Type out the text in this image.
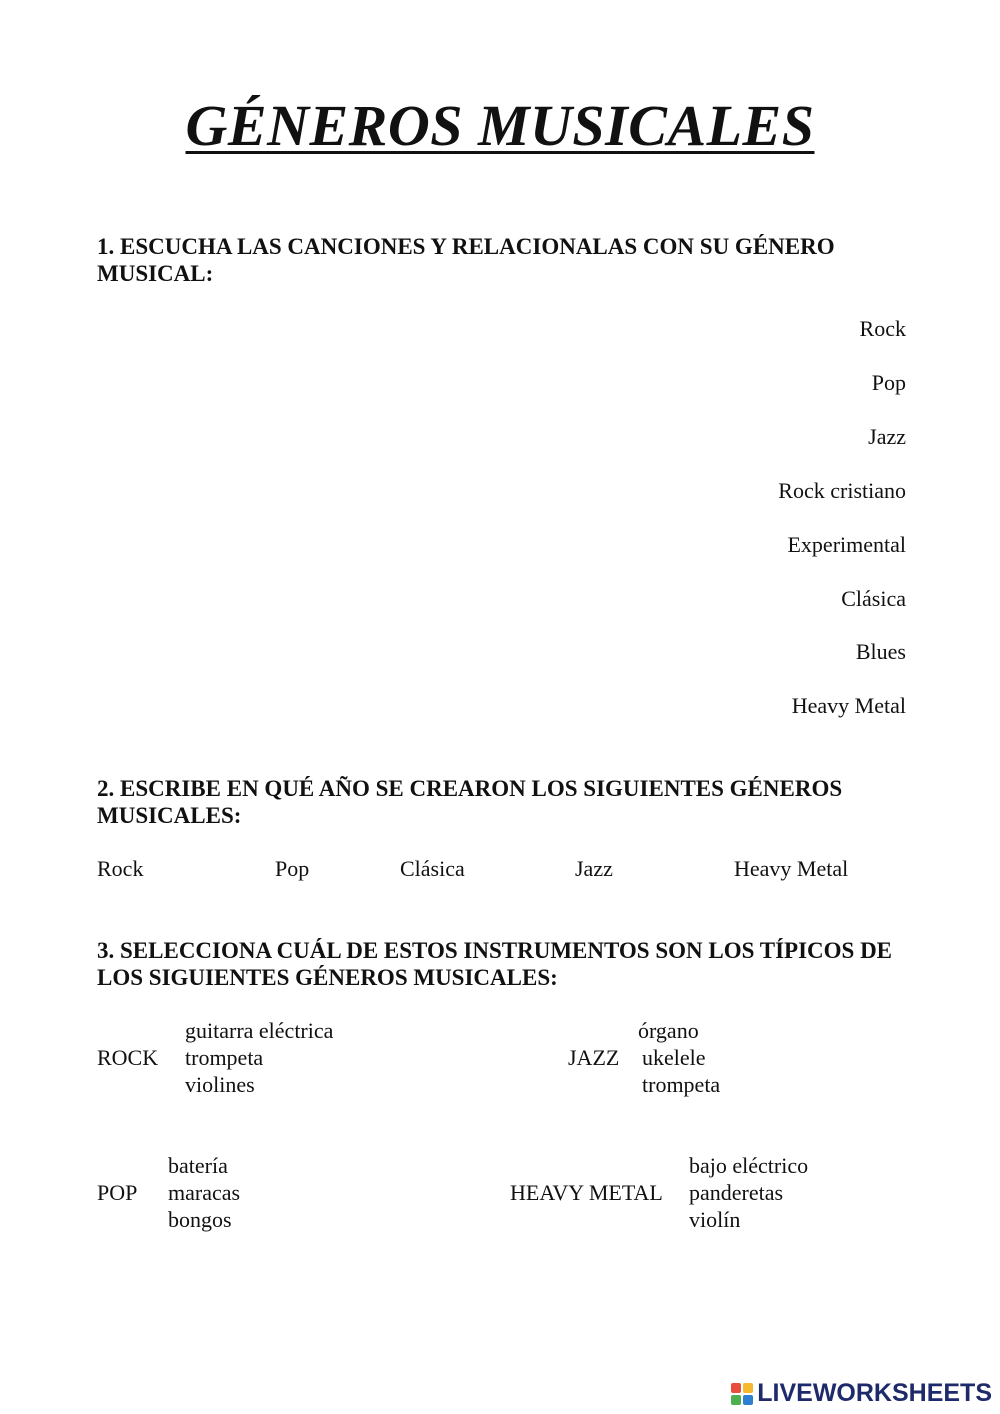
GÉNEROS MUSICALES
1. ESCUCHA LAS CANCIONES Y RELACIONALAS CON SU GÉNERO MUSICAL:
Rock
Pop
Jazz
Rock cristiano
Experimental
Clásica
Blues
Heavy Metal
2. ESCRIBE EN QUÉ AÑO SE CREARON LOS SIGUIENTES GÉNEROS MUSICALES:
Rock	Pop	Clásica	Jazz	Heavy Metal
3. SELECCIONA CUÁL DE ESTOS INSTRUMENTOS SON LOS TÍPICOS DE LOS SIGUIENTES GÉNEROS MUSICALES:
ROCK
guitarra eléctrica
trompeta
violines
JAZZ
órgano
ukelele
trompeta
POP
batería
maracas
bongos
HEAVY METAL
bajo eléctrico
panderetas
violín
LIVEWORKSHEETS
